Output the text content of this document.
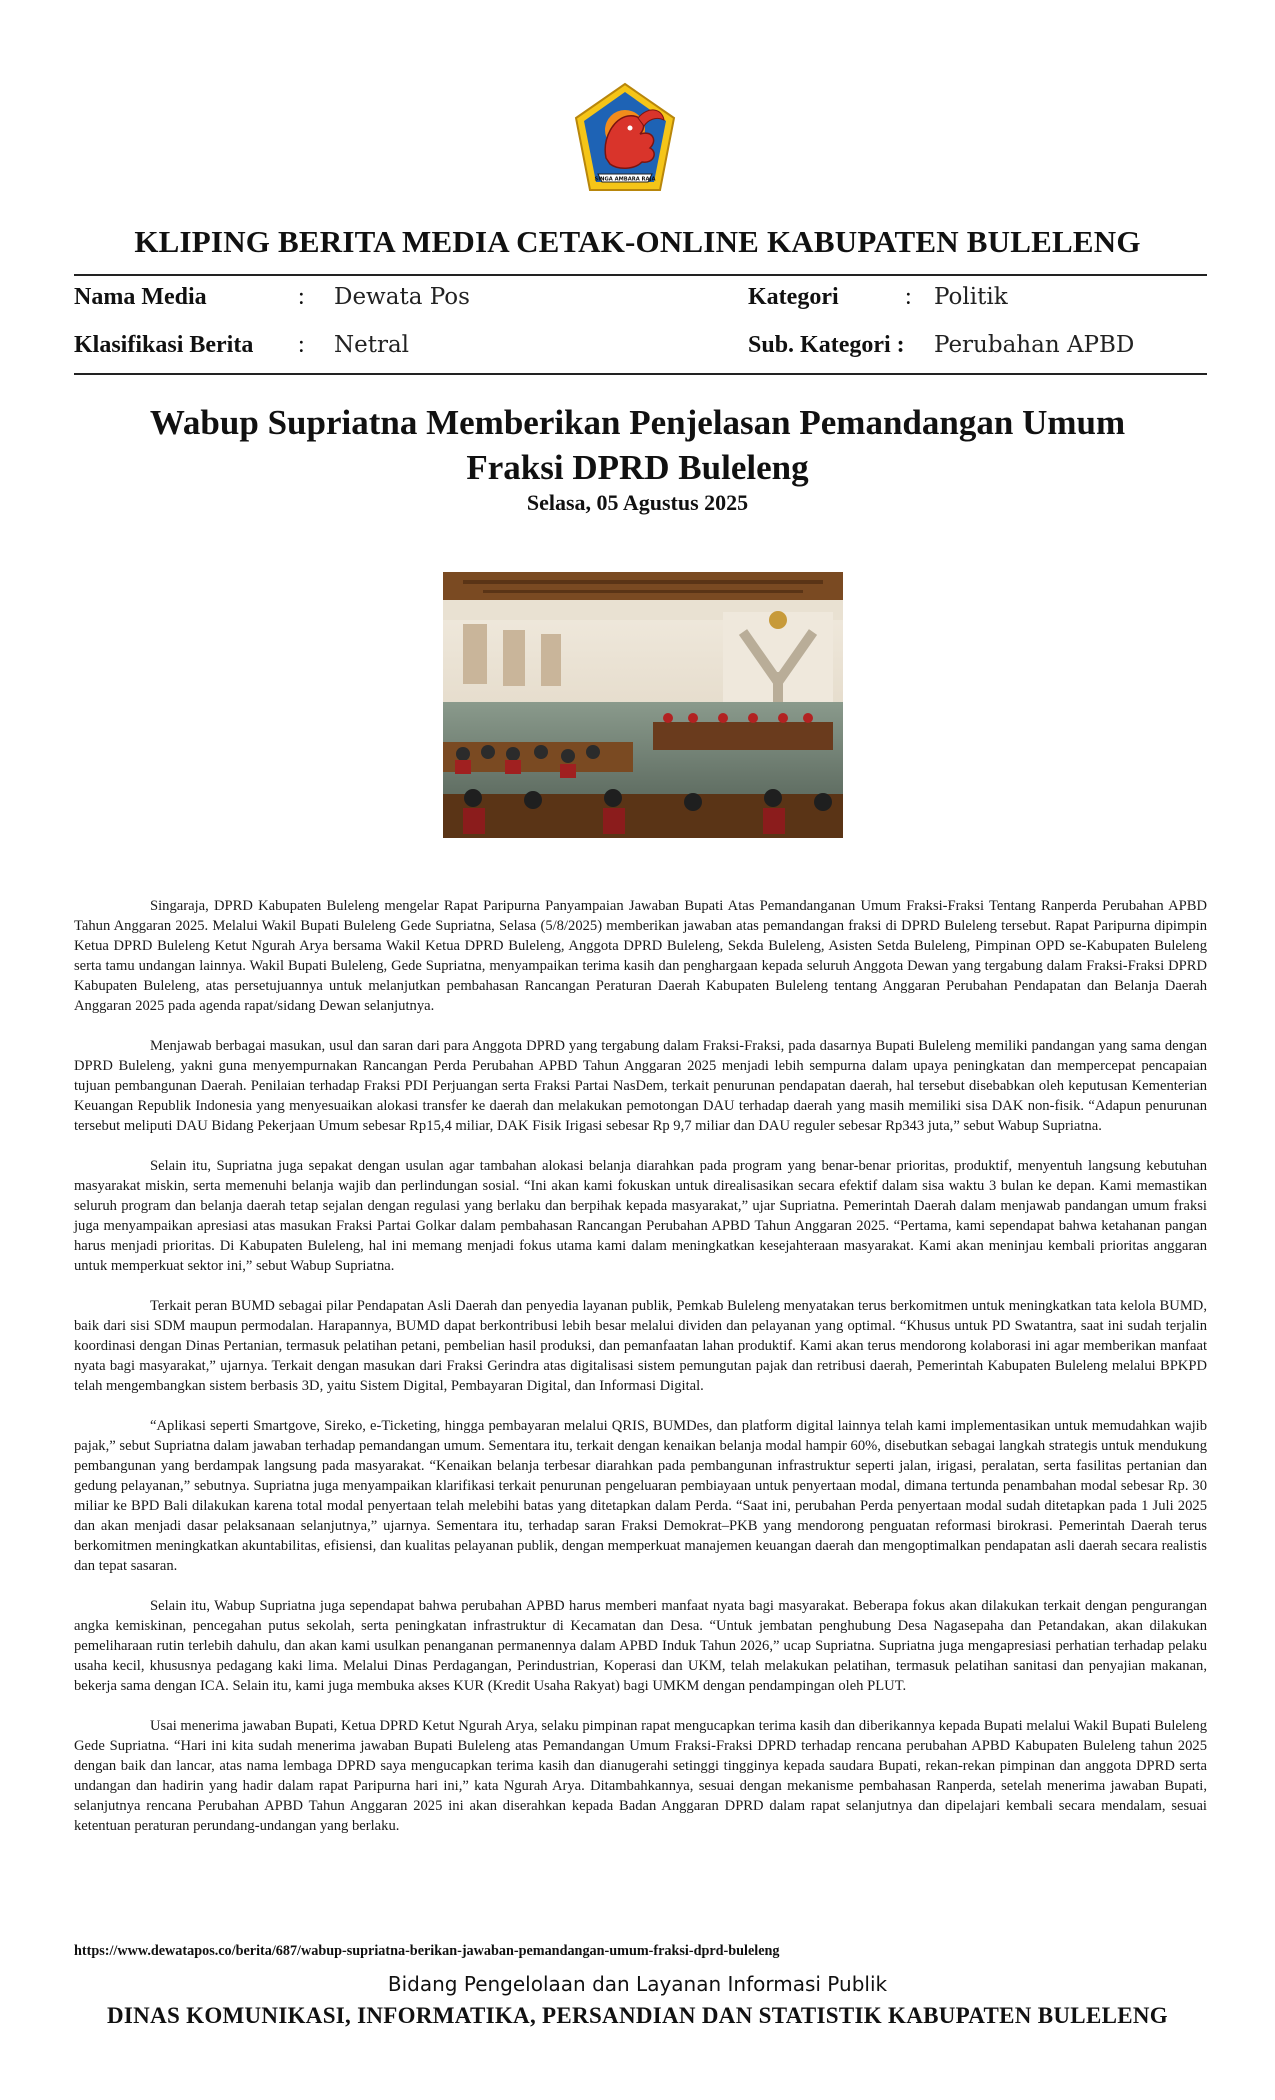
SINGA AMBARA RAJA
KLIPING BERITA MEDIA CETAK-ONLINE KABUPATEN BULELENG
Nama Media	: Dewata Pos	Kategori	: Politik
Klasifikasi Berita : Netral	Sub. Kategori : Perubahan APBD
Wabup Supriatna Memberikan Penjelasan Pemandangan Umum
Fraksi DPRD Buleleng
Selasa, 05 Agustus 2025

Singaraja, DPRD Kabupaten Buleleng mengelar Rapat Paripurna Panyampaian Jawaban Bupati Atas Pemandanganan Umum Fraksi-Fraksi Tentang Ranperda Perubahan APBD Tahun Anggaran 2025. Melalui Wakil Bupati Buleleng Gede Supriatna, Selasa (5/8/2025) memberikan jawaban atas pemandangan fraksi di DPRD Buleleng tersebut. Rapat Paripurna dipimpin Ketua DPRD Buleleng Ketut Ngurah Arya bersama Wakil Ketua DPRD Buleleng, Anggota DPRD Buleleng, Sekda Buleleng, Asisten Setda Buleleng, Pimpinan OPD se-Kabupaten Buleleng serta tamu undangan lainnya. Wakil Bupati Buleleng, Gede Supriatna, menyampaikan terima kasih dan penghargaan kepada seluruh Anggota Dewan yang tergabung dalam Fraksi-Fraksi DPRD Kabupaten Buleleng, atas persetujuannya untuk melanjutkan pembahasan Rancangan Peraturan Daerah Kabupaten Buleleng tentang Anggaran Perubahan Pendapatan dan Belanja Daerah Anggaran 2025 pada agenda rapat/sidang Dewan selanjutnya.

Menjawab berbagai masukan, usul dan saran dari para Anggota DPRD yang tergabung dalam Fraksi-Fraksi, pada dasarnya Bupati Buleleng memiliki pandangan yang sama dengan DPRD Buleleng, yakni guna menyempurnakan Rancangan Perda Perubahan APBD Tahun Anggaran 2025 menjadi lebih sempurna dalam upaya peningkatan dan mempercepat pencapaian tujuan pembangunan Daerah. Penilaian terhadap Fraksi PDI Perjuangan serta Fraksi Partai NasDem, terkait penurunan pendapatan daerah, hal tersebut disebabkan oleh keputusan Kementerian Keuangan Republik Indonesia yang menyesuaikan alokasi transfer ke daerah dan melakukan pemotongan DAU terhadap daerah yang masih memiliki sisa DAK non-fisik. “Adapun penurunan tersebut meliputi DAU Bidang Pekerjaan Umum sebesar Rp15,4 miliar, DAK Fisik Irigasi sebesar Rp 9,7 miliar dan DAU reguler sebesar Rp343 juta,” sebut Wabup Supriatna.

Selain itu, Supriatna juga sepakat dengan usulan agar tambahan alokasi belanja diarahkan pada program yang benar-benar prioritas, produktif, menyentuh langsung kebutuhan masyarakat miskin, serta memenuhi belanja wajib dan perlindungan sosial. “Ini akan kami fokuskan untuk direalisasikan secara efektif dalam sisa waktu 3 bulan ke depan. Kami memastikan seluruh program dan belanja daerah tetap sejalan dengan regulasi yang berlaku dan berpihak kepada masyarakat,” ujar Supriatna. Pemerintah Daerah dalam menjawab pandangan umum fraksi juga menyampaikan apresiasi atas masukan Fraksi Partai Golkar dalam pembahasan Rancangan Perubahan APBD Tahun Anggaran 2025. “Pertama, kami sependapat bahwa ketahanan pangan harus menjadi prioritas. Di Kabupaten Buleleng, hal ini memang menjadi fokus utama kami dalam meningkatkan kesejahteraan masyarakat. Kami akan meninjau kembali prioritas anggaran untuk memperkuat sektor ini,” sebut Wabup Supriatna.

Terkait peran BUMD sebagai pilar Pendapatan Asli Daerah dan penyedia layanan publik, Pemkab Buleleng menyatakan terus berkomitmen untuk meningkatkan tata kelola BUMD, baik dari sisi SDM maupun permodalan. Harapannya, BUMD dapat berkontribusi lebih besar melalui dividen dan pelayanan yang optimal. “Khusus untuk PD Swatantra, saat ini sudah terjalin koordinasi dengan Dinas Pertanian, termasuk pelatihan petani, pembelian hasil produksi, dan pemanfaatan lahan produktif. Kami akan terus mendorong kolaborasi ini agar memberikan manfaat nyata bagi masyarakat,” ujarnya. Terkait dengan masukan dari Fraksi Gerindra atas digitalisasi sistem pemungutan pajak dan retribusi daerah, Pemerintah Kabupaten Buleleng melalui BPKPD telah mengembangkan sistem berbasis 3D, yaitu Sistem Digital, Pembayaran Digital, dan Informasi Digital.

“Aplikasi seperti Smartgove, Sireko, e-Ticketing, hingga pembayaran melalui QRIS, BUMDes, dan platform digital lainnya telah kami implementasikan untuk memudahkan wajib pajak,” sebut Supriatna dalam jawaban terhadap pemandangan umum. Sementara itu, terkait dengan kenaikan belanja modal hampir 60%, disebutkan sebagai langkah strategis untuk mendukung pembangunan yang berdampak langsung pada masyarakat. “Kenaikan belanja terbesar diarahkan pada pembangunan infrastruktur seperti jalan, irigasi, peralatan, serta fasilitas pertanian dan gedung pelayanan,” sebutnya. Supriatna juga menyampaikan klarifikasi terkait penurunan pengeluaran pembiayaan untuk penyertaan modal, dimana tertunda penambahan modal sebesar Rp. 30 miliar ke BPD Bali dilakukan karena total modal penyertaan telah melebihi batas yang ditetapkan dalam Perda. “Saat ini, perubahan Perda penyertaan modal sudah ditetapkan pada 1 Juli 2025 dan akan menjadi dasar pelaksanaan selanjutnya,” ujarnya. Sementara itu, terhadap saran Fraksi Demokrat–PKB yang mendorong penguatan reformasi birokrasi. Pemerintah Daerah terus berkomitmen meningkatkan akuntabilitas, efisiensi, dan kualitas pelayanan publik, dengan memperkuat manajemen keuangan daerah dan mengoptimalkan pendapatan asli daerah secara realistis dan tepat sasaran.

Selain itu, Wabup Supriatna juga sependapat bahwa perubahan APBD harus memberi manfaat nyata bagi masyarakat. Beberapa fokus akan dilakukan terkait dengan pengurangan angka kemiskinan, pencegahan putus sekolah, serta peningkatan infrastruktur di Kecamatan dan Desa. “Untuk jembatan penghubung Desa Nagasepaha dan Petandakan, akan dilakukan pemeliharaan rutin terlebih dahulu, dan akan kami usulkan penanganan permanennya dalam APBD Induk Tahun 2026,” ucap Supriatna. Supriatna juga mengapresiasi perhatian terhadap pelaku usaha kecil, khususnya pedagang kaki lima. Melalui Dinas Perdagangan, Perindustrian, Koperasi dan UKM, telah melakukan pelatihan, termasuk pelatihan sanitasi dan penyajian makanan, bekerja sama dengan ICA. Selain itu, kami juga membuka akses KUR (Kredit Usaha Rakyat) bagi UMKM dengan pendampingan oleh PLUT.

Usai menerima jawaban Bupati, Ketua DPRD Ketut Ngurah Arya, selaku pimpinan rapat mengucapkan terima kasih dan diberikannya kepada Bupati melalui Wakil Bupati Buleleng Gede Supriatna. “Hari ini kita sudah menerima jawaban Bupati Buleleng atas Pemandangan Umum Fraksi-Fraksi DPRD terhadap rencana perubahan APBD Kabupaten Buleleng tahun 2025 dengan baik dan lancar, atas nama lembaga DPRD saya mengucapkan terima kasih dan dianugerahi setinggi tingginya kepada saudara Bupati, rekan-rekan pimpinan dan anggota DPRD serta undangan dan hadirin yang hadir dalam rapat Paripurna hari ini,” kata Ngurah Arya. Ditambahkannya, sesuai dengan mekanisme pembahasan Ranperda, setelah menerima jawaban Bupati, selanjutnya rencana Perubahan APBD Tahun Anggaran 2025 ini akan diserahkan kepada Badan Anggaran DPRD dalam rapat selanjutnya dan dipelajari kembali secara mendalam, sesuai ketentuan peraturan perundang-undangan yang berlaku.

https://www.dewatapos.co/berita/687/wabup-supriatna-berikan-jawaban-pemandangan-umum-fraksi-dprd-buleleng
Bidang Pengelolaan dan Layanan Informasi Publik
DINAS KOMUNIKASI, INFORMATIKA, PERSANDIAN DAN STATISTIK KABUPATEN BULELENG
